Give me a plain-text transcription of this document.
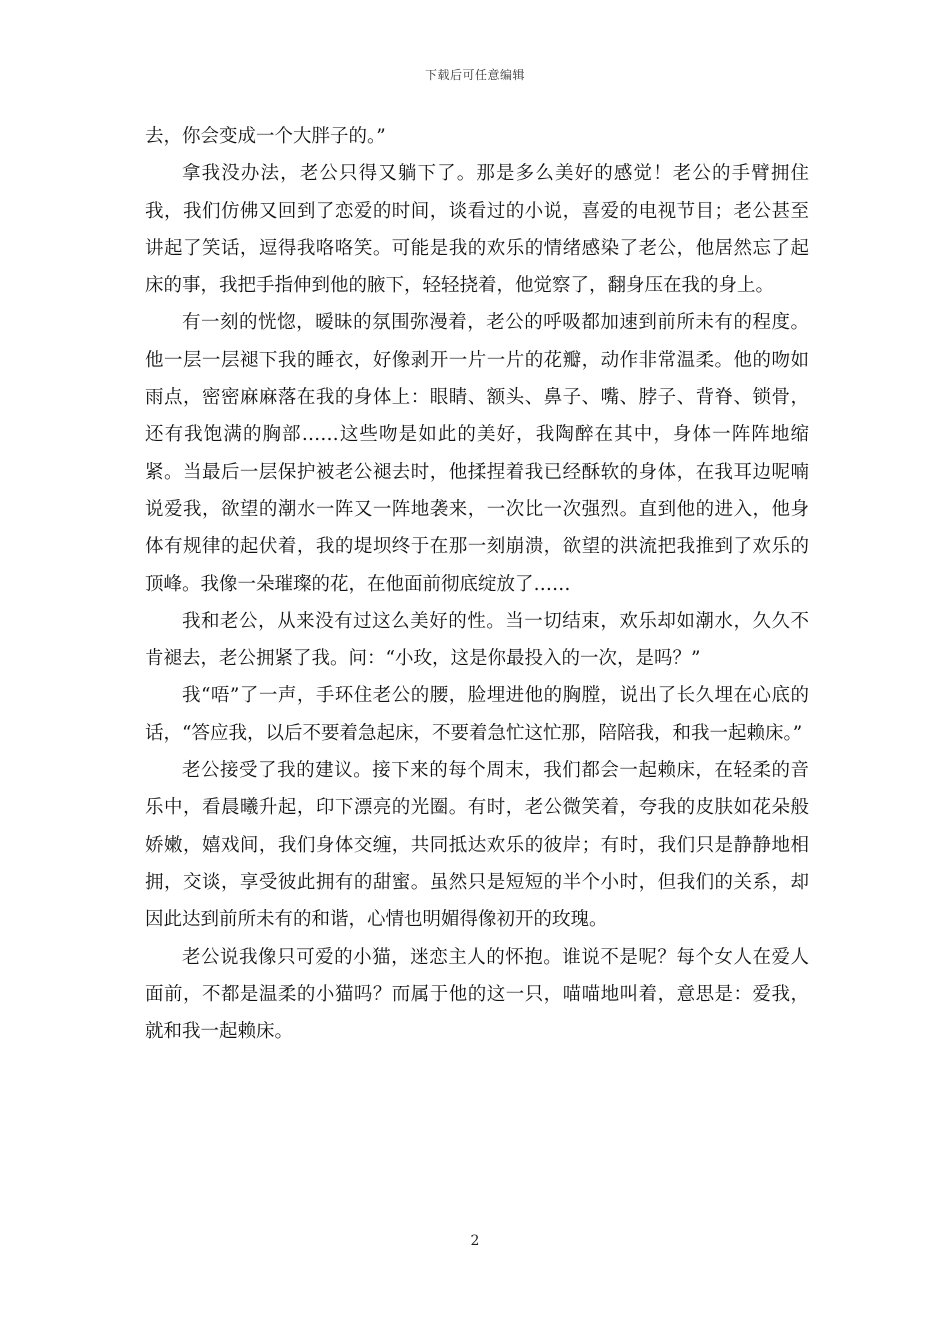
下载后可任意编辑

去，你会变成一个大胖子的。”

拿我没办法，老公只得又躺下了。那是多么美好的感觉！老公的手臂拥住我，我们仿佛又回到了恋爱的时间，谈看过的小说，喜爱的电视节目；老公甚至讲起了笑话，逗得我咯咯笑。可能是我的欢乐的情绪感染了老公，他居然忘了起床的事，我把手指伸到他的腋下，轻轻挠着，他觉察了，翻身压在我的身上。

有一刻的恍惚，暧昧的氛围弥漫着，老公的呼吸都加速到前所未有的程度。他一层一层褪下我的睡衣，好像剥开一片一片的花瓣，动作非常温柔。他的吻如雨点，密密麻麻落在我的身体上：眼睛、额头、鼻子、嘴、脖子、背脊、锁骨，还有我饱满的胸部……这些吻是如此的美好，我陶醉在其中，身体一阵阵地缩紧。当最后一层保护被老公褪去时，他揉捏着我已经酥软的身体，在我耳边呢喃说爱我，欲望的潮水一阵又一阵地袭来，一次比一次强烈。直到他的进入，他身体有规律的起伏着，我的堤坝终于在那一刻崩溃，欲望的洪流把我推到了欢乐的顶峰。我像一朵璀璨的花，在他面前彻底绽放了……

我和老公，从来没有过这么美好的性。当一切结束，欢乐却如潮水，久久不肯褪去，老公拥紧了我。问：“小玫，这是你最投入的一次，是吗？”

我“唔”了一声，手环住老公的腰，脸埋进他的胸膛，说出了长久埋在心底的话，“答应我，以后不要着急起床，不要着急忙这忙那，陪陪我，和我一起赖床。”

老公接受了我的建议。接下来的每个周末，我们都会一起赖床，在轻柔的音乐中，看晨曦升起，印下漂亮的光圈。有时，老公微笑着，夸我的皮肤如花朵般娇嫩，嬉戏间，我们身体交缠，共同抵达欢乐的彼岸；有时，我们只是静静地相拥，交谈，享受彼此拥有的甜蜜。虽然只是短短的半个小时，但我们的关系，却因此达到前所未有的和谐，心情也明媚得像初开的玫瑰。

老公说我像只可爱的小猫，迷恋主人的怀抱。谁说不是呢？每个女人在爱人面前，不都是温柔的小猫吗？而属于他的这一只，喵喵地叫着，意思是：爱我，就和我一起赖床。

2
